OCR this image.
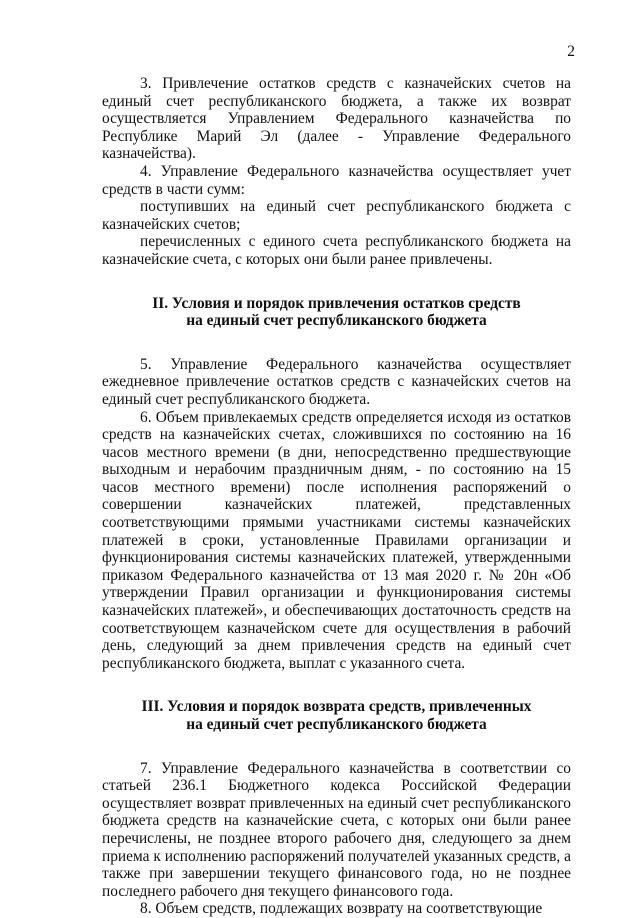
2

3. Привлечение остатков средств с казначейских счетов на единый счет республиканского бюджета, а также их возврат осуществляется Управлением Федерального казначейства по Республике Марий Эл (далее - Управление Федерального казначейства).

4. Управление Федерального казначейства осуществляет учет средств в части сумм:

поступивших на единый счет республиканского бюджета с казначейских счетов;

перечисленных с единого счета республиканского бюджета на казначейские счета, с которых они были ранее привлечены.

II. Условия и порядок привлечения остатков средств
на единый счет республиканского бюджета

5. Управление Федерального казначейства осуществляет ежедневное привлечение остатков средств с казначейских счетов на единый счет республиканского бюджета.

6. Объем привлекаемых средств определяется исходя из остатков средств на казначейских счетах, сложившихся по состоянию на 16 часов местного времени (в дни, непосредственно предшествующие выходным и нерабочим праздничным дням, - по состоянию на 15 часов местного времени) после исполнения распоряжений о совершении казначейских платежей, представленных соответствующими прямыми участниками системы казначейских платежей в сроки, установленные Правилами организации и функционирования системы казначейских платежей, утвержденными приказом Федерального казначейства от 13 мая 2020 г. № 20н «Об утверждении Правил организации и функционирования системы казначейских платежей», и обеспечивающих достаточность средств на соответствующем казначейском счете для осуществления в рабочий день, следующий за днем привлечения средств на единый счет республиканского бюджета, выплат с указанного счета.

III. Условия и порядок возврата средств, привлеченных
на единый счет республиканского бюджета

7. Управление Федерального казначейства в соответствии со статьей 236.1 Бюджетного кодекса Российской Федерации осуществляет возврат привлеченных на единый счет республиканского бюджета средств на казначейские счета, с которых они были ранее перечислены, не позднее второго рабочего дня, следующего за днем приема к исполнению распоряжений получателей указанных средств, а также при завершении текущего финансового года, но не позднее последнего рабочего дня текущего финансового года.

8. Объем средств, подлежащих возврату на соответствующие
